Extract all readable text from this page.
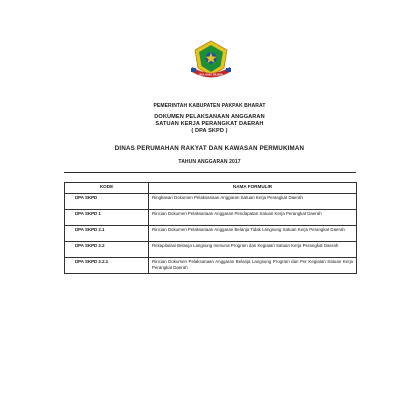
SULANG SILIMA
PEMERINTAH KABUPATEN PAKPAK BHARAT
DOKUMEN PELAKSANAAN ANGGARAN
SATUAN KERJA PERANGKAT DAERAH
( DPA SKPD )
DINAS PERUMAHAN RAKYAT DAN KAWASAN PERMUKIMAN
TAHUN ANGGARAN 2017
KODE	NAMA FORMULIR
DPA SKPD	Ringkasan Dokumen Pelaksanaan Anggaran Satuan Kerja Perangkat Daerah
DPA SKPD 1	Rincian Dokumen Pelaksanaan Anggaran Pendapatan Satuan Kerja Perangkat Daerah
DPA SKPD 2.1	Rincian Dokumen Pelaksanaan Anggaran Belanja Tidak Langsung Satuan Kerja Perangkat Daerah
DPA SKPD 2.2	Rekapitulasi Belanja Langsung menurut Program dan Kegiatan Satuan Kerja Perangkat Daerah
DPA SKPD 2.2.1	Rincian Dokumen Pelaksanaan Anggaran Belanja Langsung Program dan Per Kegiatan Satuan Kerja Perangkat Daerah
